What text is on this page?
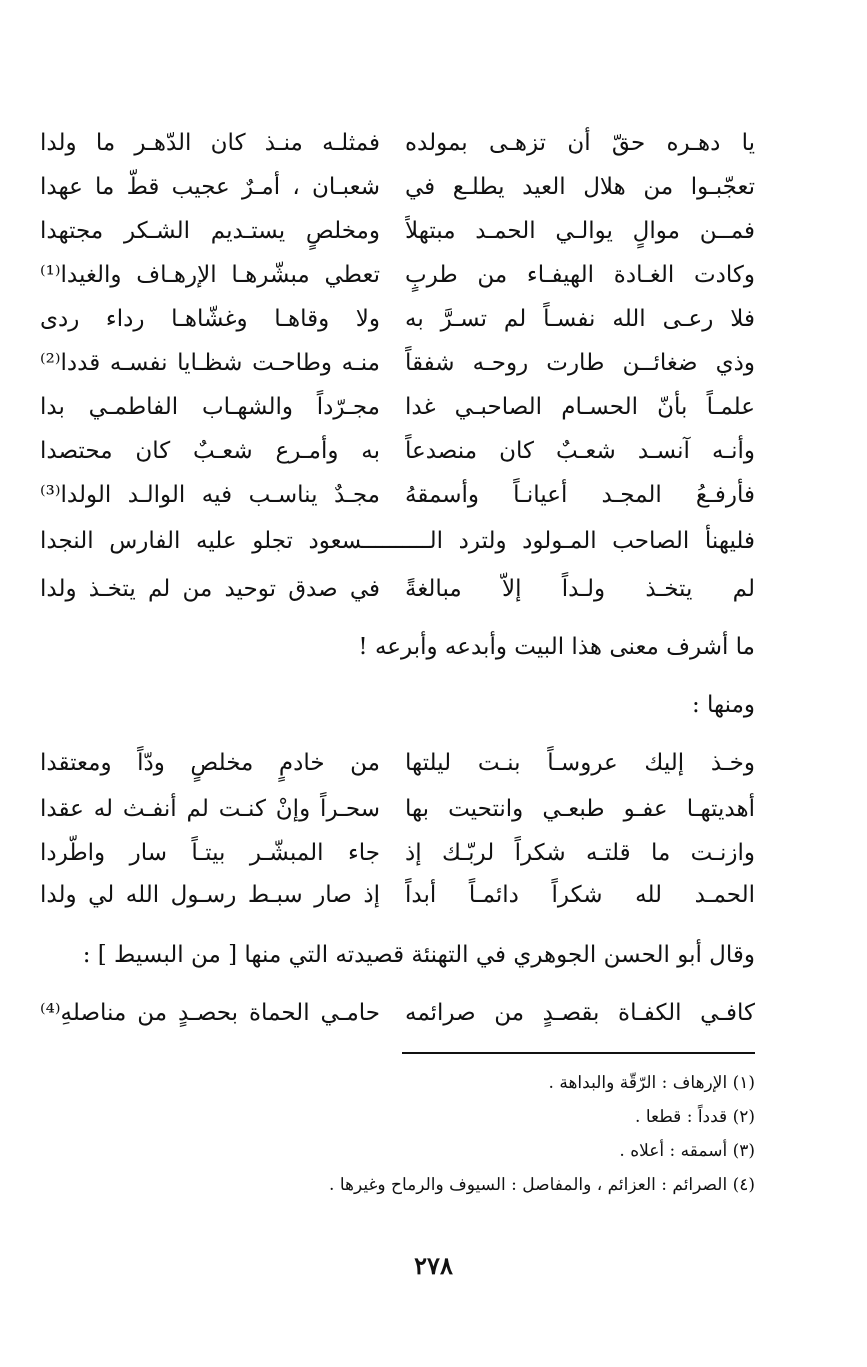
يا دهـره حقّ أن تزهـى بمولده
فمثلـه منـذ كان الدّهـر ما ولدا
تعجّبـوا من هلال العيد يطلـع في
شعبـان ، أمـرٌ عجيب قطّ ما عهدا
فمــن موالٍ يوالـي الحمـد مبتهلاً
ومخلصٍ يستـديم الشـكر مجتهدا
وكادت الغـادة الهيفـاء من طربٍ
تعطي مبشّرهـا الإرهـاف والغيدا⁽¹⁾
فلا رعـى الله نفسـاً لم تسـرَّ به
ولا وقاهـا وغشّاهـا رداء ردى
وذي ضغائــن طارت روحـه شفقاً
منـه وطاحـت شظـايا نفسـه قددا⁽²⁾
علمـاً بأنّ الحسـام الصاحبـي غدا
مجـرّداً والشهـاب الفاطمـي بدا
وأنـه آنسـد شعـبٌ كان منصدعاً
به وأمـرع شعـبٌ كان محتصدا
فأرفـعُ المجـد أعيانـاً وأسمقهُ
مجـدٌ يناسـب فيه الوالـد الولدا⁽³⁾
فليهنأ الصاحب المـولود ولترد الــــــــــسعود تجلو عليه الفارس النجدا
لم يتخـذ ولـداً إلاّ مبالغةً
في صدق توحيد من لم يتخـذ ولدا
ما أشرف معنى هذا البيت وأبدعه وأبرعه !
ومنها :
وخـذ إليك عروسـاً بنـت ليلتها
من خادمٍ مخلصٍ ودّاً ومعتقدا
أهديتهـا عفـو طبعـي وانتحيت بها
سحـراً وإنْ كنـت لم أنفـث له عقدا
وازنـت ما قلتـه شكراً لربّـك إذ
جاء المبشّـر بيتـاً سار واطّردا
الحمـد لله شكراً دائمـاً أبداً
إذ صار سبـط رسـول الله لي ولدا
وقال أبو الحسن الجوهري في التهنئة قصيدته التي منها [ من البسيط ] :
كافـي الكفـاة بقصـدٍ من صرائمه
حامـي الحماة بحصـدٍ من مناصلهِ⁽⁴⁾
(١) الإرهاف : الرّقّة والبداهة .
(٢) قدداً : قطعا .
(٣) أسمقه : أعلاه .
(٤) الصرائم : العزائم ، والمفاصل : السيوف والرماح وغيرها .
٢٧٨
